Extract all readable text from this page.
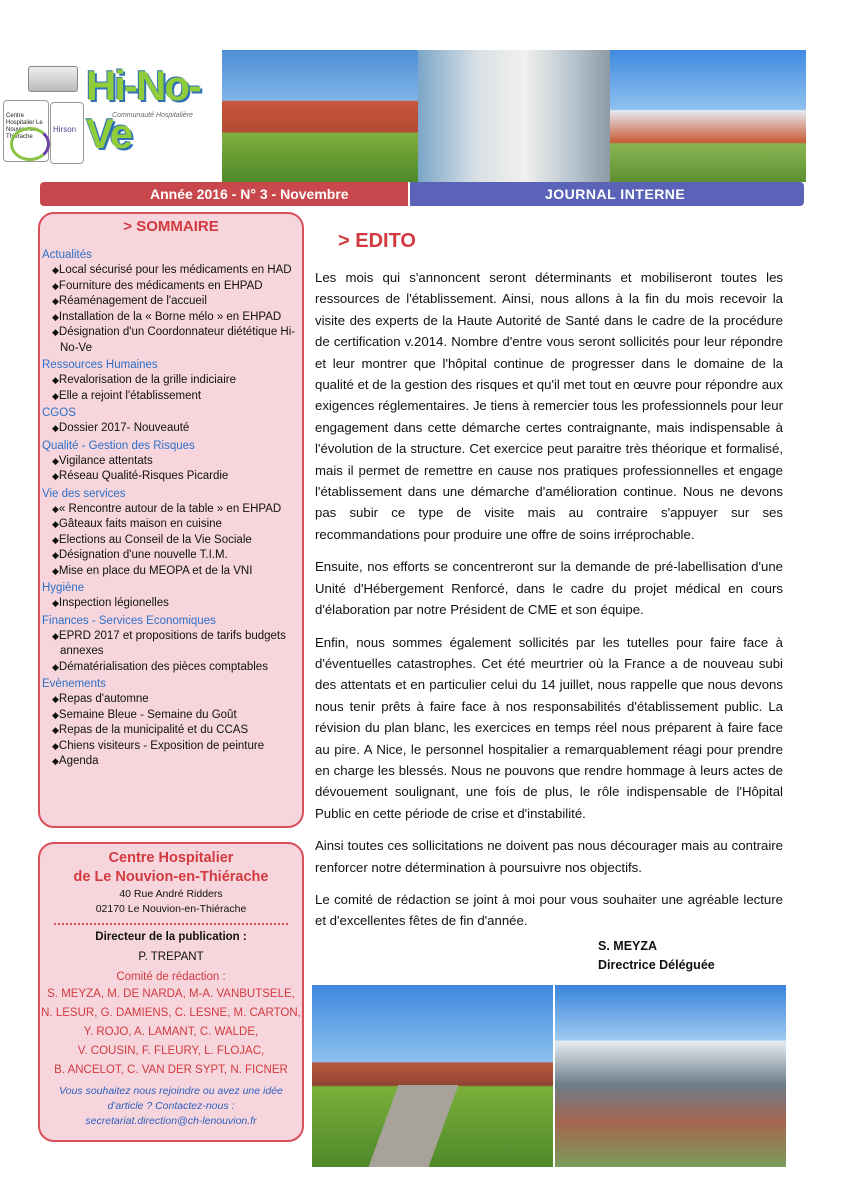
Centre Hospitalier Le Nouvion en Thiérache
Hirson
Hi-No-Ve
Communauté Hospitalière
Année 2016 - N° 3 - Novembre	JOURNAL INTERNE
> SOMMAIRE
Actualités
◆ Local sécurisé pour les médicaments en HAD
◆ Fourniture des médicaments en EHPAD
◆ Réaménagement de l'accueil
◆ Installation de la « Borne mélo » en EHPAD
◆ Désignation d'un Coordonnateur diététique Hi-No-Ve
Ressources Humaines
◆ Revalorisation de la grille indiciaire
◆ Elle a rejoint l'établissement
CGOS
◆ Dossier 2017- Nouveauté
Qualité - Gestion des Risques
◆ Vigilance attentats
◆ Réseau Qualité-Risques Picardie
Vie des services
◆ « Rencontre autour de la table » en EHPAD
◆ Gâteaux faits maison en cuisine
◆ Elections au Conseil de la Vie Sociale
◆ Désignation d'une nouvelle T.I.M.
◆ Mise en place du MEOPA et de la VNI
Hygiène
◆ Inspection légionelles
Finances - Services Economiques
◆ EPRD 2017 et propositions de tarifs budgets annexes
◆ Dématérialisation des pièces comptables
Evènements
◆ Repas d'automne
◆ Semaine Bleue - Semaine du Goût
◆ Repas de la municipalité et du CCAS
◆ Chiens visiteurs - Exposition de peinture
◆ Agenda
Centre Hospitalier
de Le Nouvion-en-Thiérache
40 Rue André Ridders
02170 Le Nouvion-en-Thiérache
Directeur de la publication :
P. TREPANT
Comité de rédaction :
S. MEYZA, M. DE NARDA, M-A. VANBUTSELE,
N. LESUR, G. DAMIENS, C. LESNE, M. CARTON,
Y. ROJO, A. LAMANT, C. WALDE,
V. COUSIN, F. FLEURY, L. FLOJAC,
B. ANCELOT, C. VAN DER SYPT, N. FICNER
Vous souhaitez nous rejoindre ou avez une idée
d'article ? Contactez-nous :
secretariat.direction@ch-lenouvion.fr
> EDITO

Les mois qui s'annoncent seront déterminants et mobiliseront toutes les ressources de l'établissement. Ainsi, nous allons à la fin du mois recevoir la visite des experts de la Haute Autorité de Santé dans le cadre de la procédure de certification v.2014. Nombre d'entre vous seront sollicités pour leur répondre et leur montrer que l'hôpital continue de progresser dans le domaine de la qualité et de la gestion des risques et qu'il met tout en œuvre pour répondre aux exigences réglementaires. Je tiens à remercier tous les professionnels pour leur engagement dans cette démarche certes contraignante, mais indispensable à l'évolution de la structure. Cet exercice peut paraitre très théorique et formalisé, mais il permet de remettre en cause nos pratiques professionnelles et engage l'établissement dans une démarche d'amélioration continue. Nous ne devons pas subir ce type de visite mais au contraire s'appuyer sur ses recommandations pour produire une offre de soins irréprochable.

Ensuite, nos efforts se concentreront sur la demande de pré-labellisation d'une Unité d'Hébergement Renforcé, dans le cadre du projet médical en cours d'élaboration par notre Président de CME et son équipe.

Enfin, nous sommes également sollicités par les tutelles pour faire face à d'éventuelles catastrophes. Cet été meurtrier où la France a de nouveau subi des attentats et en particulier celui du 14 juillet, nous rappelle que nous devons nous tenir prêts à faire face à nos responsabilités d'établissement public. La révision du plan blanc, les exercices en temps réel nous préparent à faire face au pire. A Nice, le personnel hospitalier a remarquablement réagi pour prendre en charge les blessés. Nous ne pouvons que rendre hommage à leurs actes de dévouement soulignant, une fois de plus, le rôle indispensable de l'Hôpital Public en cette période de crise et d'instabilité.

Ainsi toutes ces sollicitations ne doivent pas nous décourager mais au contraire renforcer notre détermination à poursuivre nos objectifs.

Le comité de rédaction se joint à moi pour vous souhaiter une agréable lecture et d'excellentes fêtes de fin d'année.

S. MEYZA
Directrice Déléguée
